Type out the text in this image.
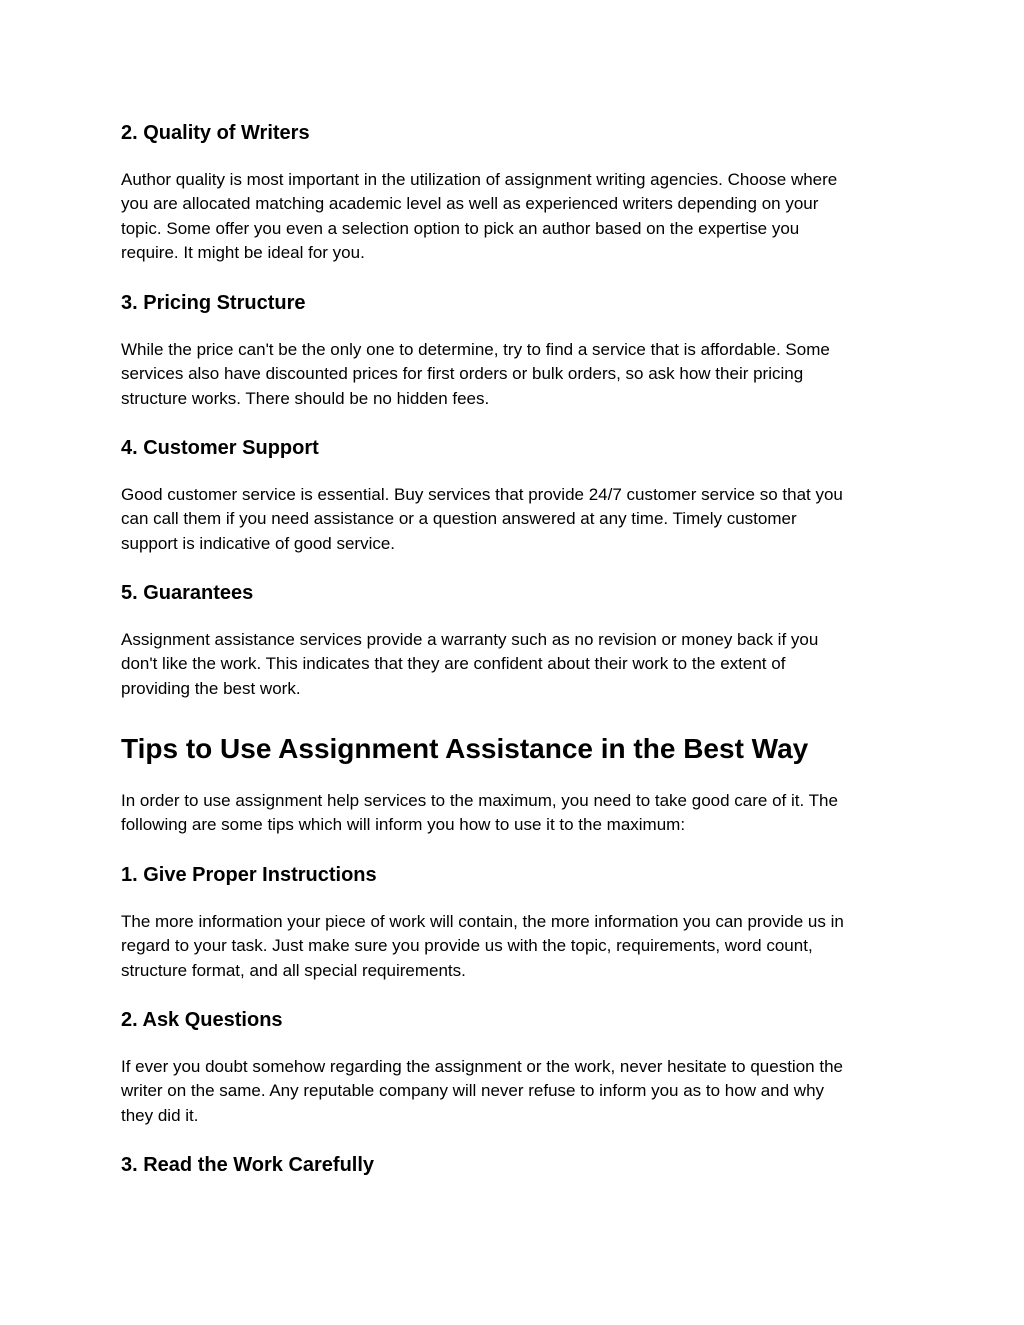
2. Quality of Writers

Author quality is most important in the utilization of assignment writing agencies. Choose where
you are allocated matching academic level as well as experienced writers depending on your
topic. Some offer you even a selection option to pick an author based on the expertise you
require. It might be ideal for you.

3. Pricing Structure

While the price can't be the only one to determine, try to find a service that is affordable. Some
services also have discounted prices for first orders or bulk orders, so ask how their pricing
structure works. There should be no hidden fees.

4. Customer Support

Good customer service is essential. Buy services that provide 24/7 customer service so that you
can call them if you need assistance or a question answered at any time. Timely customer
support is indicative of good service.

5. Guarantees

Assignment assistance services provide a warranty such as no revision or money back if you
don't like the work. This indicates that they are confident about their work to the extent of
providing the best work.

Tips to Use Assignment Assistance in the Best Way

In order to use assignment help services to the maximum, you need to take good care of it. The
following are some tips which will inform you how to use it to the maximum:

1. Give Proper Instructions

The more information your piece of work will contain, the more information you can provide us in
regard to your task. Just make sure you provide us with the topic, requirements, word count,
structure format, and all special requirements.

2. Ask Questions

If ever you doubt somehow regarding the assignment or the work, never hesitate to question the
writer on the same. Any reputable company will never refuse to inform you as to how and why
they did it.

3. Read the Work Carefully
